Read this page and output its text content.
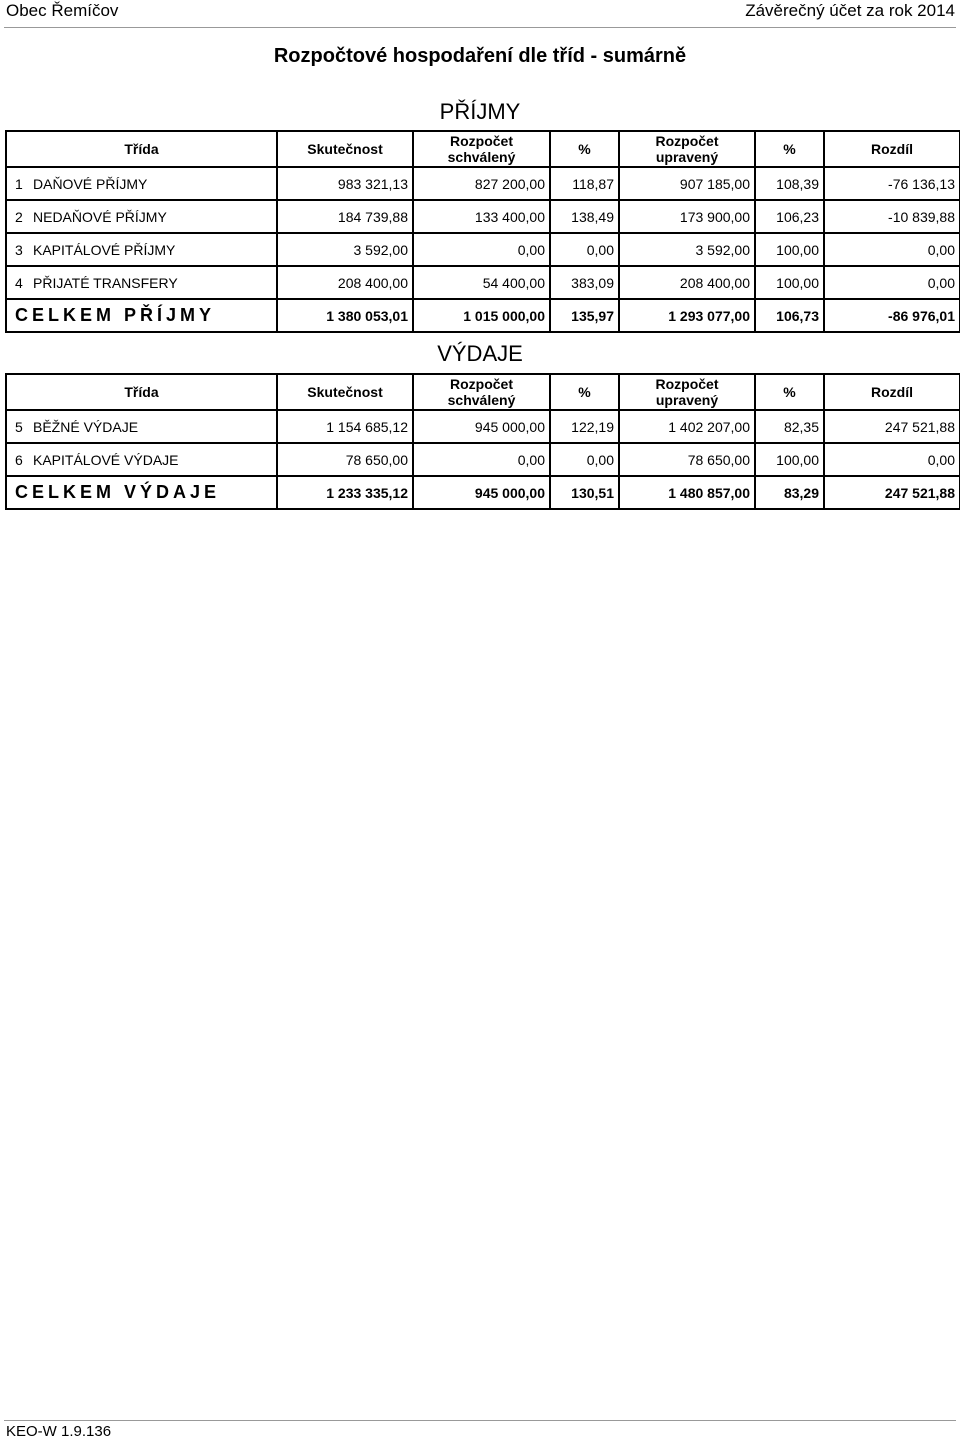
Obec Řemíčov	Závěrečný účet za rok 2014
Rozpočtové hospodaření dle tříd - sumárně
PŘÍJMY
Třída	Skutečnost	Rozpočet schválený	%	Rozpočet upravený	%	Rozdíl
1 DAŇOVÉ PŘÍJMY	983 321,13	827 200,00	118,87	907 185,00	108,39	-76 136,13
2 NEDAŇOVÉ PŘÍJMY	184 739,88	133 400,00	138,49	173 900,00	106,23	-10 839,88
3 KAPITÁLOVÉ PŘÍJMY	3 592,00	0,00	0,00	3 592,00	100,00	0,00
4 PŘIJATÉ TRANSFERY	208 400,00	54 400,00	383,09	208 400,00	100,00	0,00
CELKEM PŘÍJMY	1 380 053,01	1 015 000,00	135,97	1 293 077,00	106,73	-86 976,01
VÝDAJE
Třída	Skutečnost	Rozpočet schválený	%	Rozpočet upravený	%	Rozdíl
5 BĚŽNÉ VÝDAJE	1 154 685,12	945 000,00	122,19	1 402 207,00	82,35	247 521,88
6 KAPITÁLOVÉ VÝDAJE	78 650,00	0,00	0,00	78 650,00	100,00	0,00
CELKEM VÝDAJE	1 233 335,12	945 000,00	130,51	1 480 857,00	83,29	247 521,88
KEO-W 1.9.136
